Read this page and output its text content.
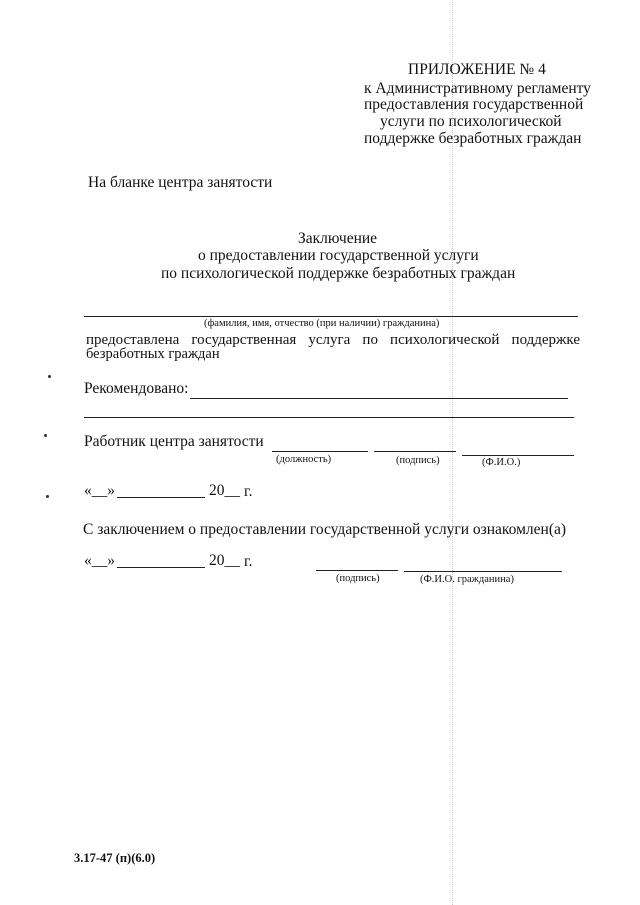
ПРИЛОЖЕНИЕ № 4
к Административному регламенту
предоставления государственной
услуги по психологической
поддержке безработных граждан
На бланке центра занятости
Заключение
о предоставлении государственной услуги
по психологической поддержке безработных граждан
(фамилия, имя, отчество (при наличии) гражданина)
предоставлена государственная услуга по психологической поддержке
безработных граждан
Рекомендовано:
Работник центра занятости
(должность)	(подпись)	(Ф.И.О.)
«__»	20__ г.
С заключением о предоставлении государственной услуги ознакомлен(а)
«__»	20__ г.
(подпись)	(Ф.И.О. гражданина)
3.17-47 (п)(6.0)
